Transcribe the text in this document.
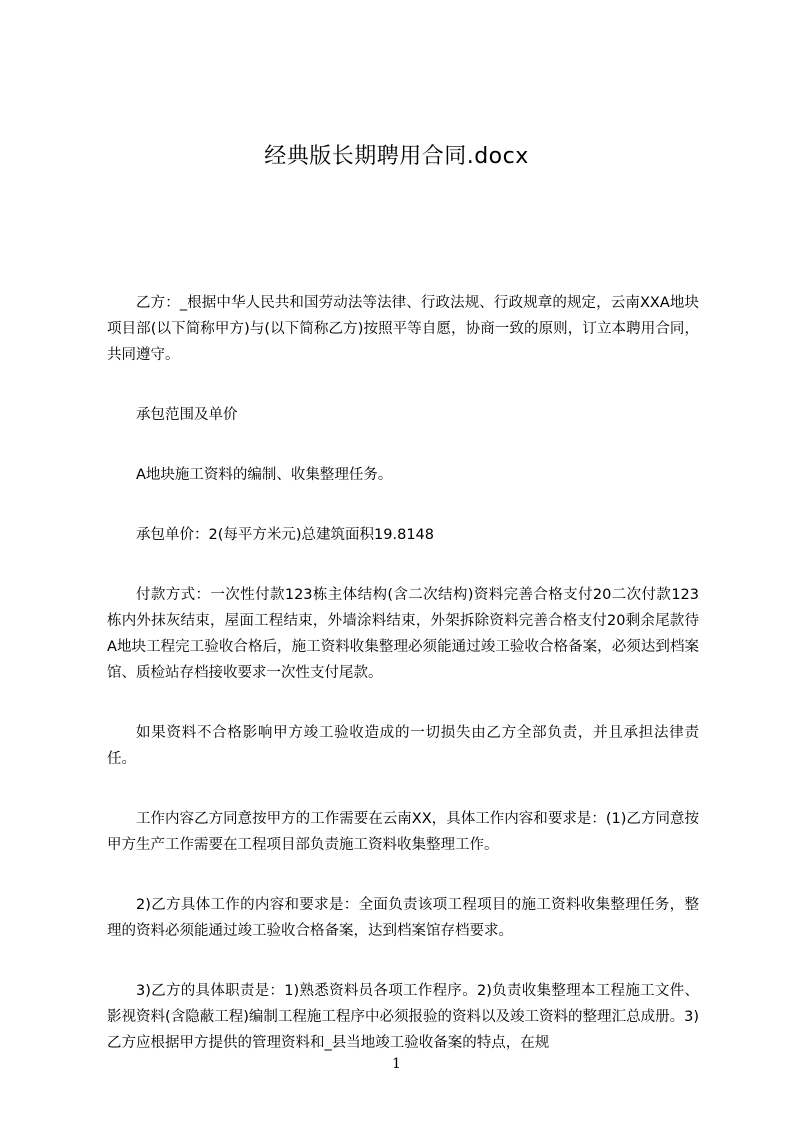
经典版长期聘用合同.docx

乙方：_根据中华人民共和国劳动法等法律、行政法规、行政规章的规定，云南XXA地块项目部(以下简称甲方)与(以下简称乙方)按照平等自愿，协商一致的原则，订立本聘用合同，共同遵守。

承包范围及单价

A地块施工资料的编制、收集整理任务。

承包单价：2(每平方米元)总建筑面积19.8148

付款方式：一次性付款123栋主体结构(含二次结构)资料完善合格支付20二次付款123栋内外抹灰结束，屋面工程结束，外墙涂料结束，外架拆除资料完善合格支付20剩余尾款待A地块工程完工验收合格后，施工资料收集整理必须能通过竣工验收合格备案，必须达到档案馆、质检站存档接收要求一次性支付尾款。

如果资料不合格影响甲方竣工验收造成的一切损失由乙方全部负责，并且承担法律责任。

工作内容乙方同意按甲方的工作需要在云南XX，具体工作内容和要求是：(1)乙方同意按甲方生产工作需要在工程项目部负责施工资料收集整理工作。

2)乙方具体工作的内容和要求是：全面负责该项工程项目的施工资料收集整理任务，整理的资料必须能通过竣工验收合格备案，达到档案馆存档要求。

3)乙方的具体职责是：1)熟悉资料员各项工作程序。2)负责收集整理本工程施工文件、影视资料(含隐蔽工程)编制工程施工程序中必须报验的资料以及竣工资料的整理汇总成册。3)乙方应根据甲方提供的管理资料和_县当地竣工验收备案的特点，在规

1
